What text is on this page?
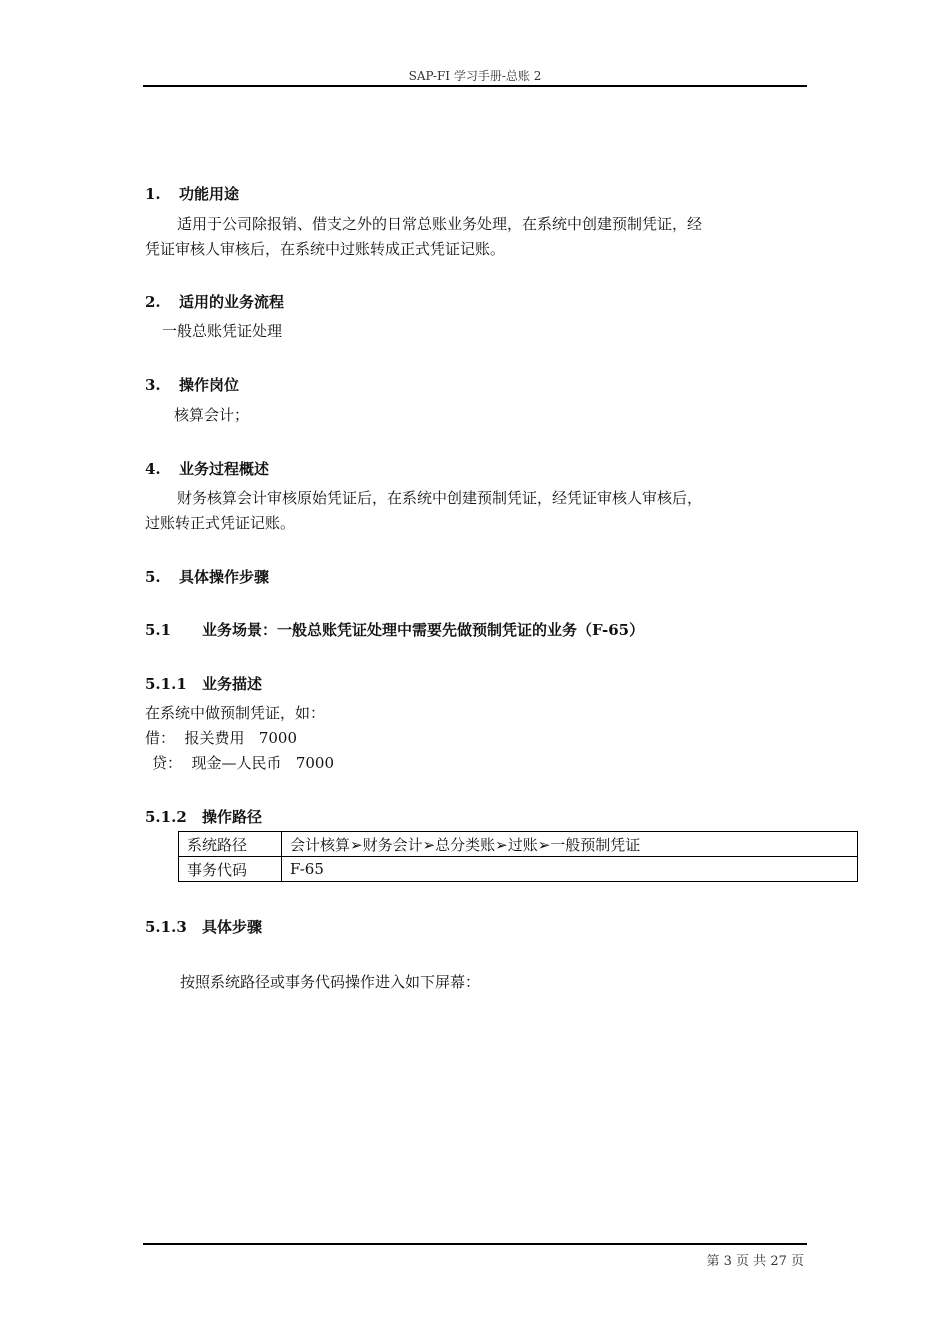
SAP-FI 学习手册-总账 2
1. 功能用途
适用于公司除报销、借支之外的日常总账业务处理，在系统中创建预制凭证，经
凭证审核人审核后，在系统中过账转成正式凭证记账。
2. 适用的业务流程
一般总账凭证处理
3. 操作岗位
核算会计；
4. 业务过程概述
财务核算会计审核原始凭证后，在系统中创建预制凭证，经凭证审核人审核后，
过账转正式凭证记账。
5. 具体操作步骤
5.1 业务场景：一般总账凭证处理中需要先做预制凭证的业务（F-65）
5.1.1 业务描述
在系统中做预制凭证，如：
借：  报关费用   7000
贷：  现金—人民币   7000
5.1.2 操作路径
系统路径	会计核算➢财务会计➢总分类账➢过账➢一般预制凭证
事务代码	F-65
5.1.3 具体步骤
按照系统路径或事务代码操作进入如下屏幕：
第 3 页 共 27 页
